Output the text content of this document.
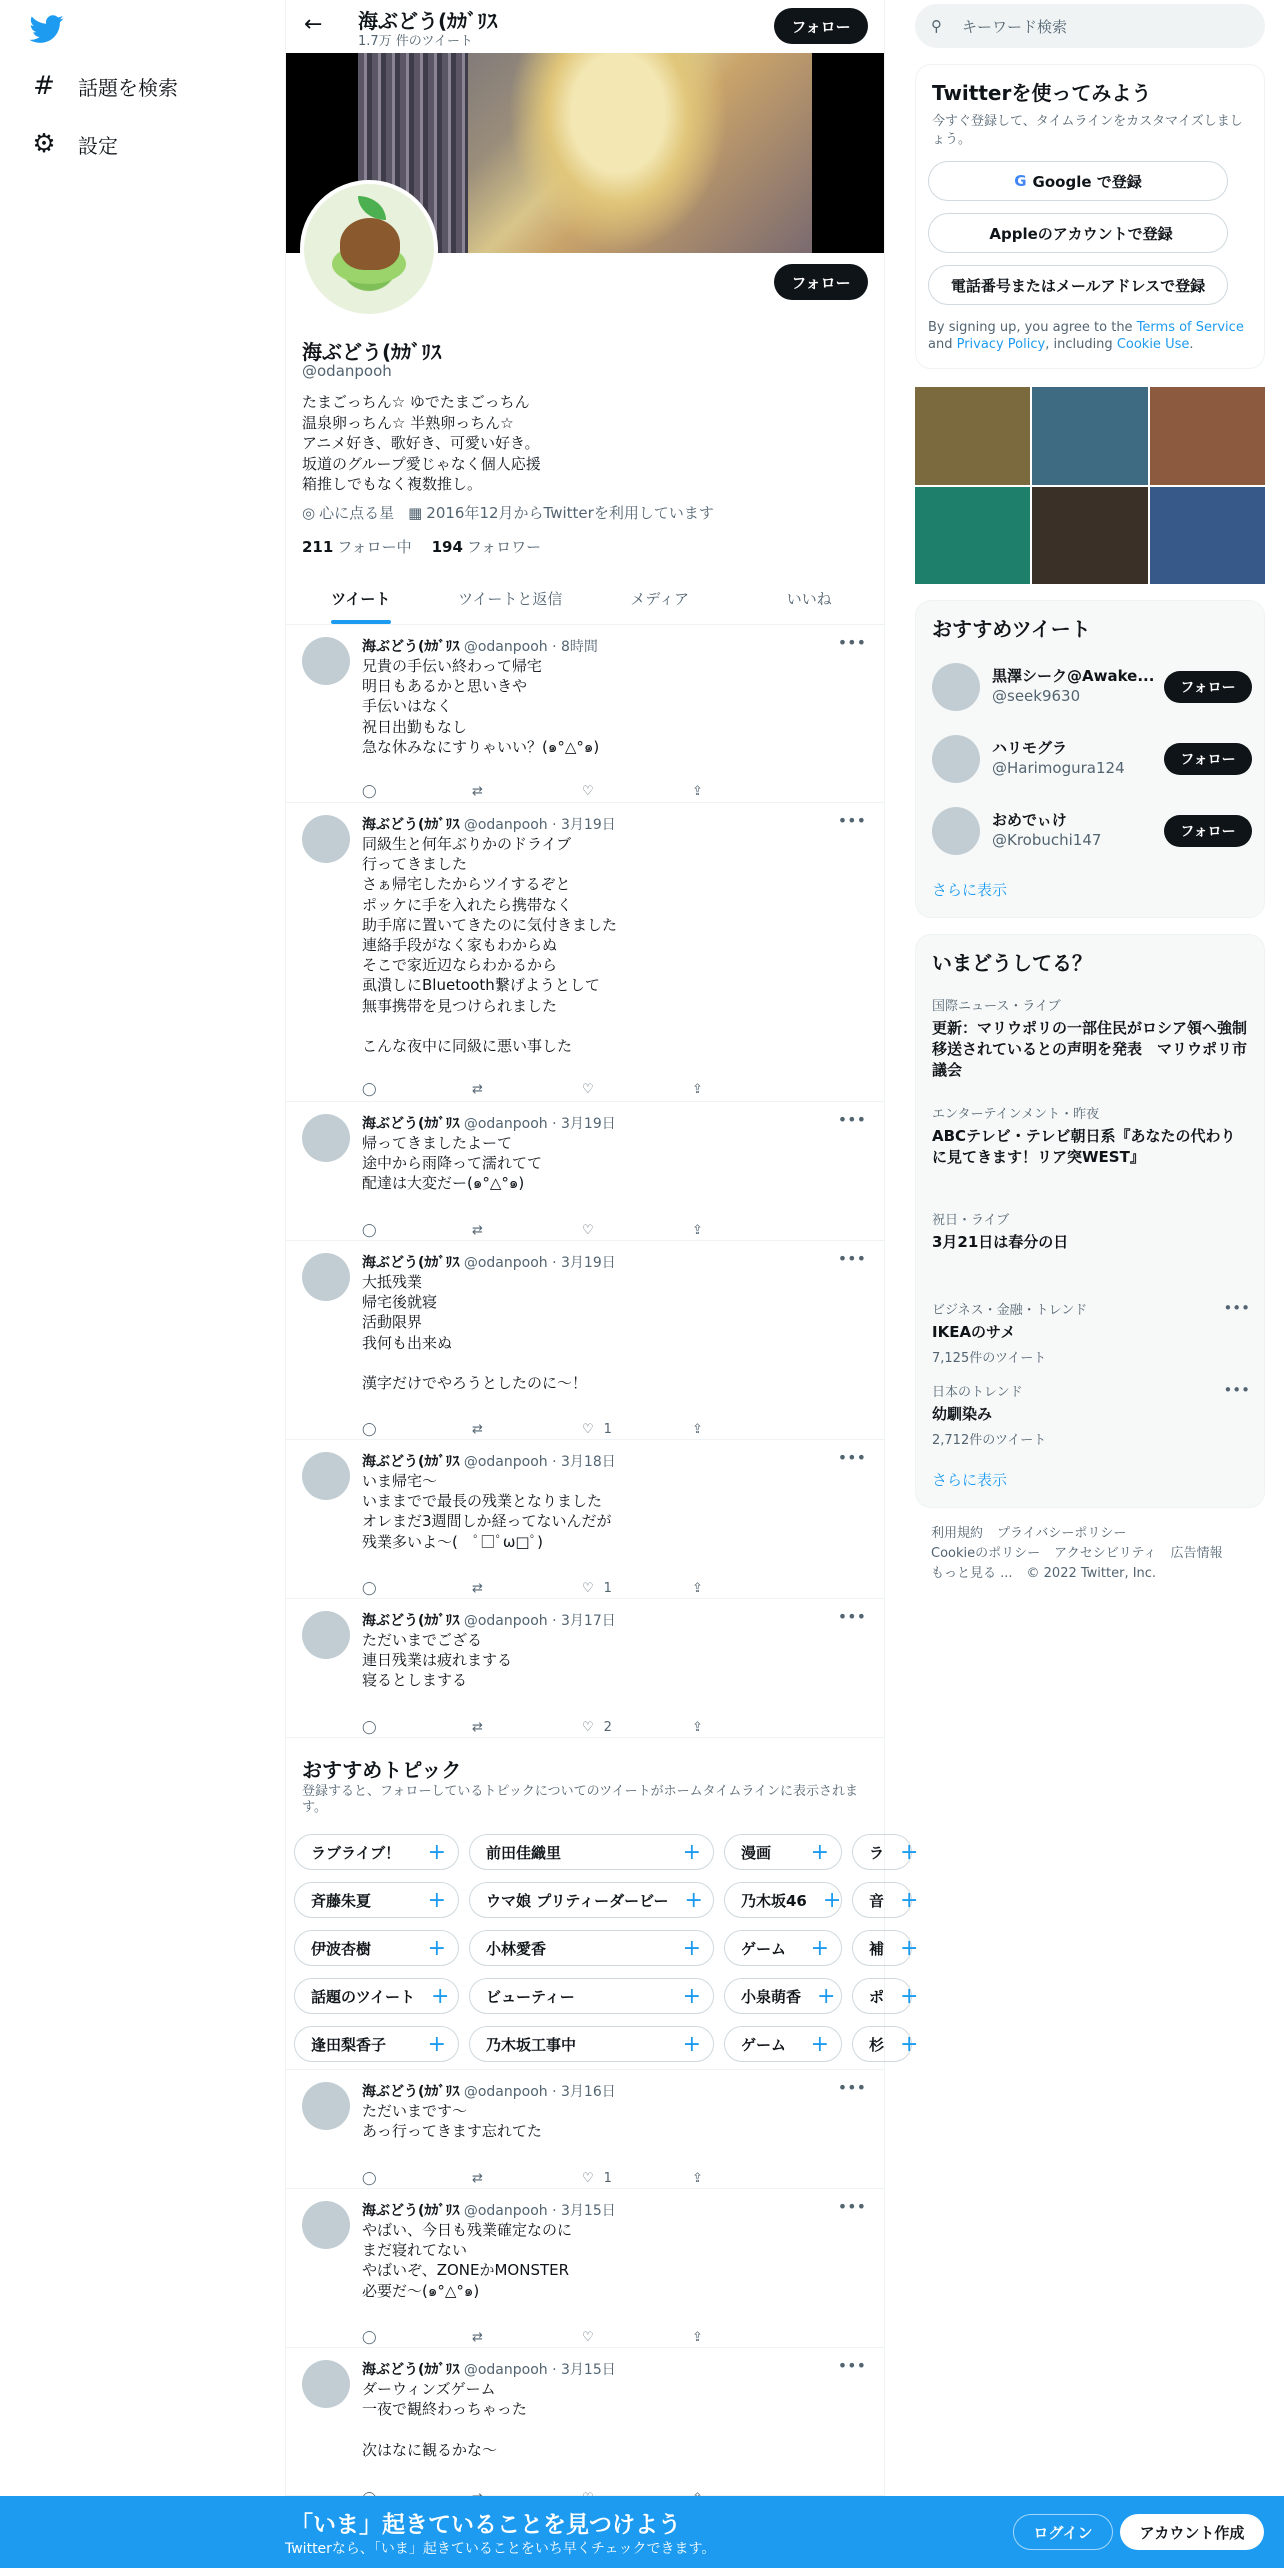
# 話題を検索
⚙ 設定
← 海ぶどう(ｶｶﾞﾘｽ
1.7万 件のツイート
フォロー
フォロー
海ぶどう(ｶｶﾞﾘｽ
@odanpooh
たまごっちん☆ ゆでたまごっちん
温泉卵っちん☆ 半熟卵っちん☆
アニメ好き、歌好き、可愛い好き。
坂道のグループ愛じゃなく個人応援
箱推しでもなく複数推し。
◎ 心に点る星 ▦ 2016年12月からTwitterを利用しています
211 フォロー中 194 フォロワー
ツイート	ツイートと返信	メディア	いいね
おすすめトピック
登録すると、フォローしているトピックについてのツイートがホームタイムラインに表示されます。
ラブライブ！ +	前田佳織里	+	漫画 +	ラ +
斉藤朱夏	+	ウマ娘 プリティーダービー +	乃木坂46 + 音 +
伊波杏樹	+	小林愛香	+	ゲーム +	補 +
話題のツイート + ビューティー	+	小泉萌香 + ポ +
逢田梨香子 +	乃木坂工事中	+	ゲーム +	杉 +
海ぶどう(ｶｶﾞﾘｽ @odanpooh · 8時間	•••
兄貴の手伝い終わって帰宅
明日もあるかと思いきや
手伝いはなく
祝日出勤もなし
急な休みなにすりゃいい？(๑°△°๑)
◯	⇄	♡	⇪
海ぶどう(ｶｶﾞﾘｽ @odanpooh · 3月19日	•••
同級生と何年ぶりかのドライブ
行ってきました
さぁ帰宅したからツイするぞと
ポッケに手を入れたら携帯なく
助手席に置いてきたのに気付きました
連絡手段がなく家もわからぬ
そこで家近辺ならわかるから
虱潰しにBluetooth繋げようとして
無事携帯を見つけられました

こんな夜中に同級に悪い事した
◯	⇄	♡	⇪
海ぶどう(ｶｶﾞﾘｽ @odanpooh · 3月19日	•••
帰ってきましたよーて
途中から雨降って濡れてて
配達は大変だー(๑°△°๑)
◯	⇄	♡	⇪
海ぶどう(ｶｶﾞﾘｽ @odanpooh · 3月19日	•••
大抵残業
帰宅後就寝
活動限界
我何も出来ぬ

漢字だけでやろうとしたのに〜！
◯	⇄	♡ 1	⇪
海ぶどう(ｶｶﾞﾘｽ @odanpooh · 3月18日	•••
いま帰宅〜
いままでで最長の残業となりました
オレまだ3週間しか経ってないんだが
残業多いよ〜(　ﾟ□ﾟω□ﾟ)
◯	⇄	♡ 1	⇪
海ぶどう(ｶｶﾞﾘｽ @odanpooh · 3月17日	•••
ただいまでござる
連日残業は疲れまする
寝るとしまする
◯	⇄	♡ 2	⇪
海ぶどう(ｶｶﾞﾘｽ @odanpooh · 3月16日	•••
ただいまです〜
あっ行ってきます忘れてた
◯	⇄	♡ 1	⇪
海ぶどう(ｶｶﾞﾘｽ @odanpooh · 3月15日	•••
やばい、今日も残業確定なのに
まだ寝れてない
やばいぞ、ZONEかMONSTER
必要だ〜(๑°△°๑)
◯	⇄	♡	⇪
海ぶどう(ｶｶﾞﾘｽ @odanpooh · 3月15日	•••
ダーウィンズゲーム
一夜で観終わっちゃった

次はなに観るかな〜
⚲ キーワード検索
Twitterを使ってみよう

今すぐ登録して、タイムラインをカスタマイズしましょう。

G Google で登録
Appleのアカウントで登録
電話番号またはメールアドレスで登録
By signing up, you agree to the Terms of Service and Privacy Policy, including Cookie Use.
おすすめツイート
黒澤シーク@Awake...
@seek9630	フォロー
ハリモグラ
@Harimogura124	フォロー
おめでぃけ
@Krobuchi147	フォロー
さらに表示
いまどうしてる？
国際ニュース・ライブ
更新：マリウポリの一部住民がロシア領へ強制移送されているとの声明を発表　マリウポリ市議会
エンターテインメント・昨夜
ABCテレビ・テレビ朝日系『あなたの代わりに見てきます！リア突WEST』
祝日・ライブ
3月21日は春分の日
ビジネス・金融・トレンド
IKEAのサメ
7,125件のツイート
•••
日本のトレンド
幼馴染み
2,712件のツイート
•••
さらに表示
利用規約 プライバシーポリシー
Cookieのポリシー アクセシビリティ 広告情報
もっと見る ... © 2022 Twitter, Inc.
「いま」起きていることを見つけよう
Twitterなら、「いま」起きていることをいち早くチェックできます。
ログイン	アカウント作成
